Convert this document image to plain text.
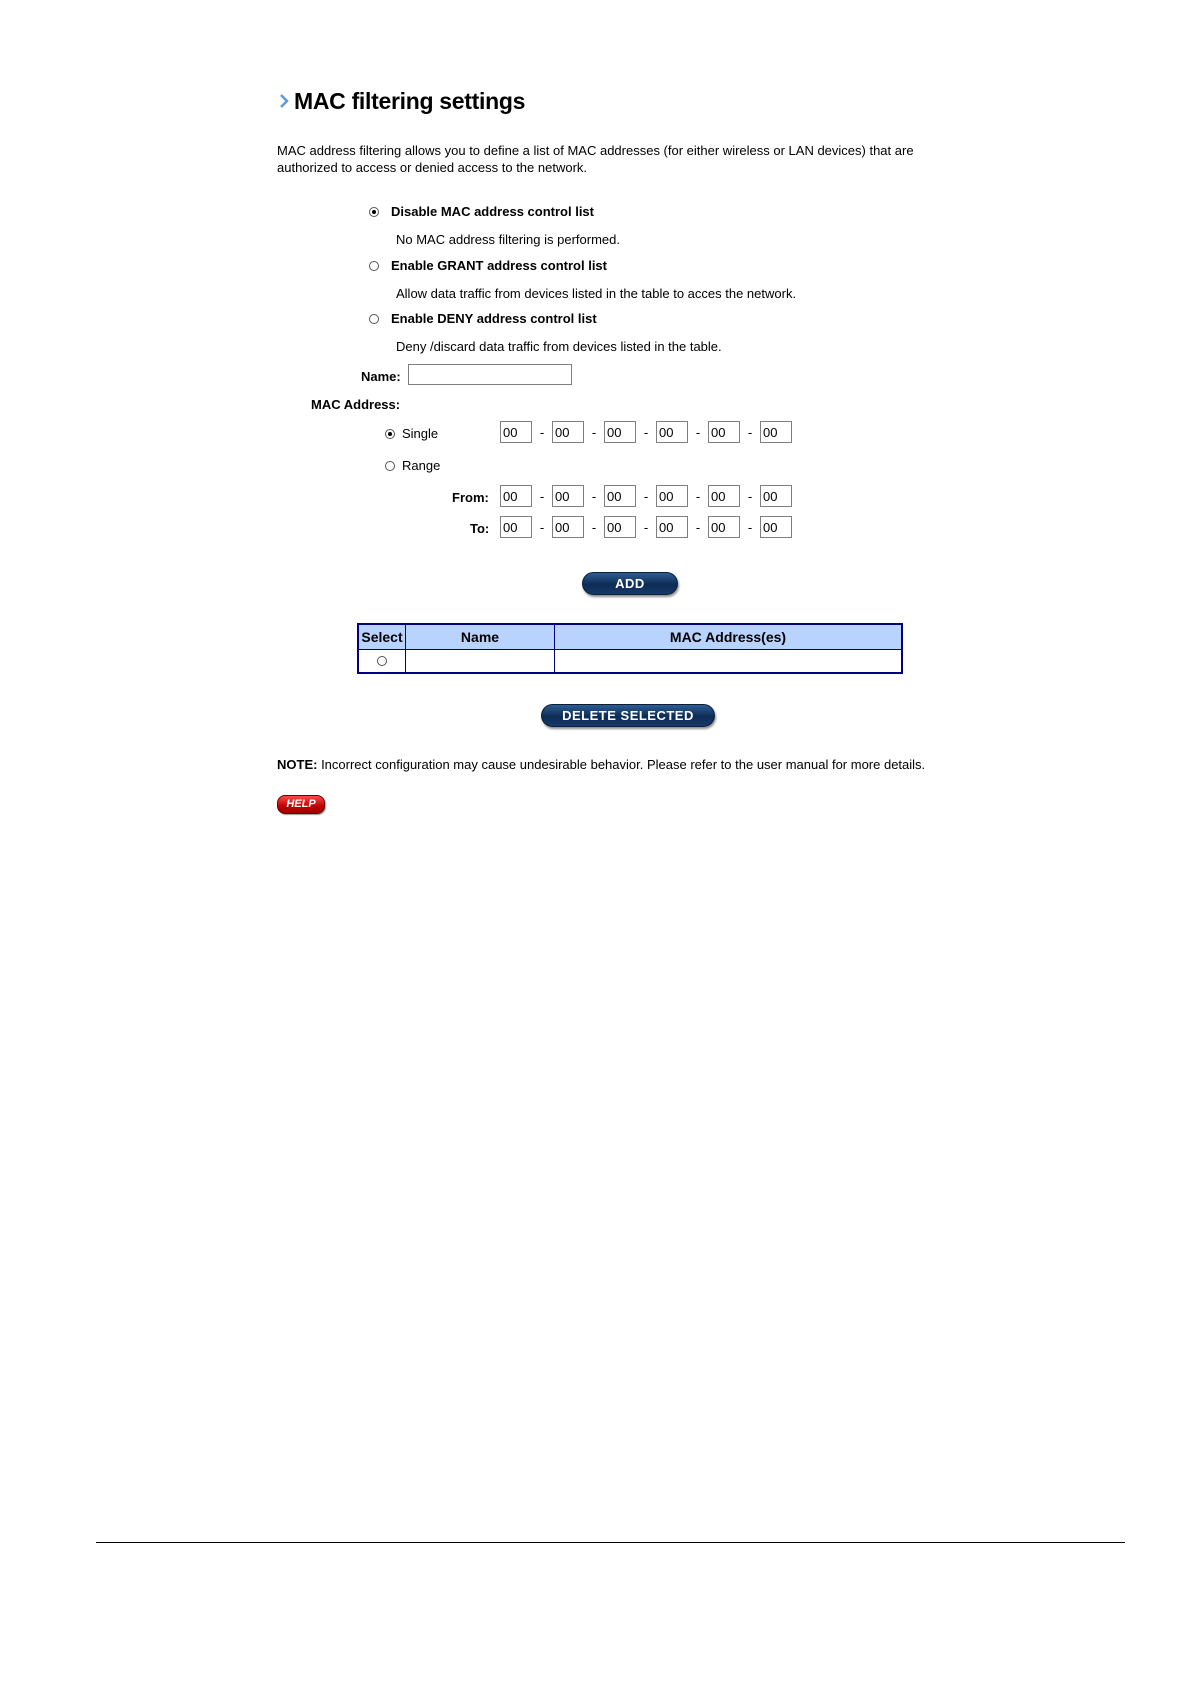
MAC filtering settings
MAC address filtering allows you to define a list of MAC addresses (for either wireless or LAN devices) that are
authorized to access or denied access to the network.
Disable MAC address control list
No MAC address filtering is performed.
Enable GRANT address control list
Allow data traffic from devices listed in the table to acces the network.
Enable DENY address control list
Deny /discard data traffic from devices listed in the table.
Name:
MAC Address:
Single
00	-
00	-
00	-
00	-
00	-
00
Range
From:
00	-
00	-
00	-
00	-
00	-
00
To:
00	-
00	-
00	-
00	-
00	-
00
ADD
Select	Name	MAC Address(es)

DELETE SELECTED
NOTE: Incorrect configuration may cause undesirable behavior. Please refer to the user manual for more details.
HELP
